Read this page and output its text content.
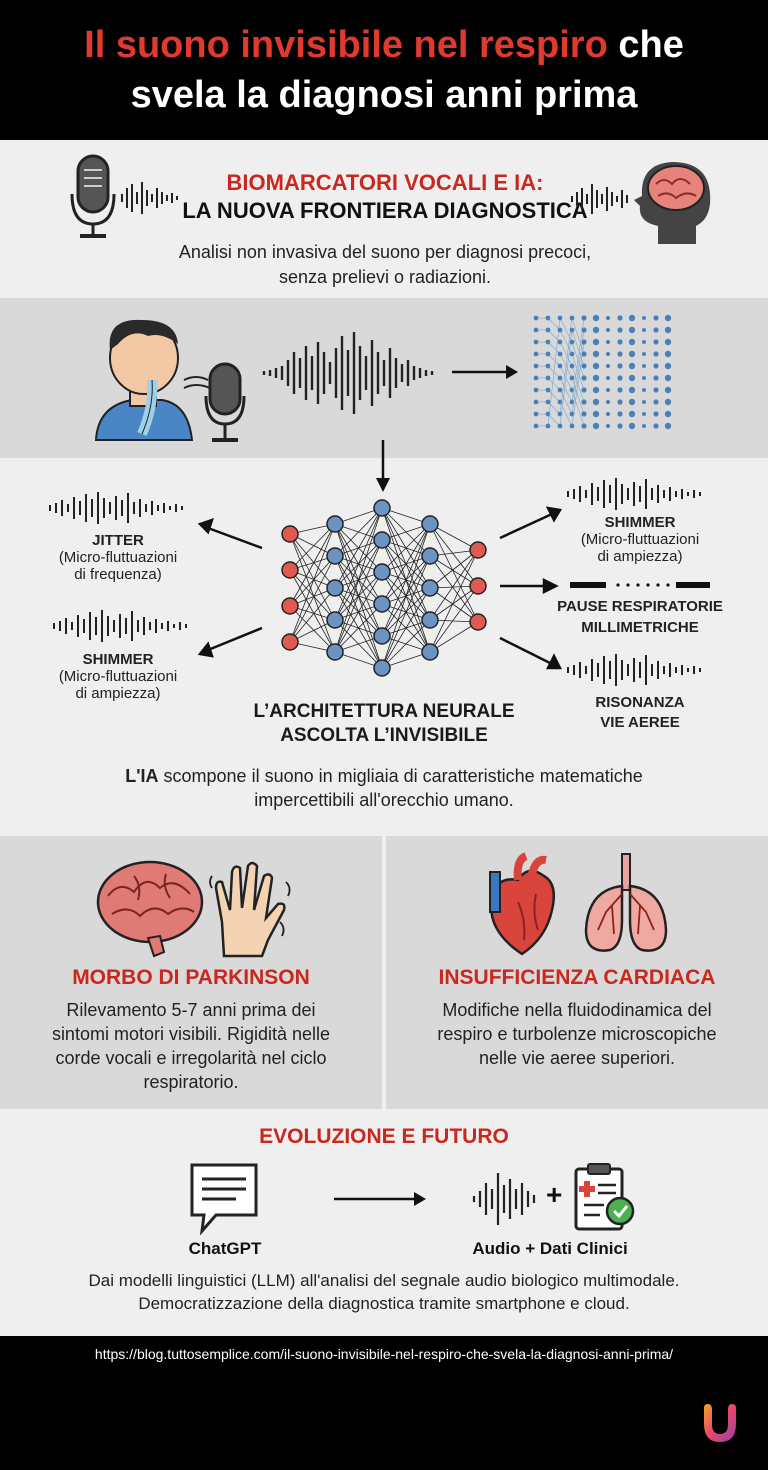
Il suono invisibile nel respiro che
svela la diagnosi anni prima
BIOMARCATORI VOCALI E IA:
LA NUOVA FRONTIERA DIAGNOSTICA
Analisi non invasiva del suono per diagnosi precoci,
senza prelievi o radiazioni.
JITTER
(Micro-fluttuazioni
di frequenza)
SHIMMER
(Micro-fluttuazioni
di ampiezza)
SHIMMER
(Micro-fluttuazioni
di ampiezza)
PAUSE RESPIRATORIE
MILLIMETRICHE
RISONANZA
VIE AEREE
L’ARCHITETTURA NEURALE
ASCOLTA L’INVISIBILE
L'IA scompone il suono in migliaia di caratteristiche matematiche
impercettibili all'orecchio umano.
MORBO DI PARKINSON
Rilevamento 5-7 anni prima dei
sintomi motori visibili. Rigidità nelle
corde vocali e irregolarità nel ciclo
respiratorio.
INSUFFICIENZA CARDIACA
Modifiche nella fluidodinamica del
respiro e turbolenze microscopiche
nelle vie aeree superiori.
EVOLUZIONE E FUTURO
+
ChatGPT	Audio + Dati Clinici
Dai modelli linguistici (LLM) all'analisi del segnale audio biologico multimodale.
Democratizzazione della diagnostica tramite smartphone e cloud.
https://blog.tuttosemplice.com/il-suono-invisibile-nel-respiro-che-svela-la-diagnosi-anni-prima/
